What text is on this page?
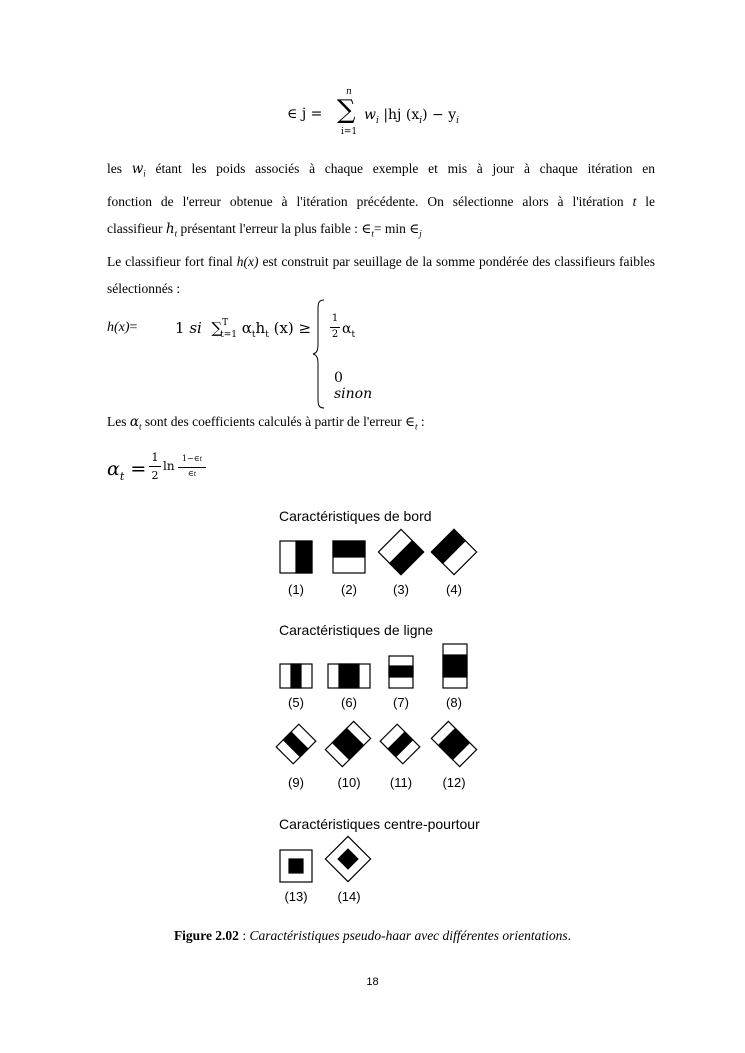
∈ j =
n
∑
i=1
$w_i$ |hj $(x_i) - y_i$
les $w_i$ étant les poids associés à chaque exemple et mis à jour à chaque itération en
fonction de l'erreur obtenue à l'itération précédente. On sélectionne alors à l'itération t le
classifieur $h_t$ présentant l'erreur la plus faible : $\in_t= \min$ $\in_j$
Le classifieur fort final h(x) est construit par seuillage de la somme pondérée des classifieurs faibles sélectionnés :
h(x)=	1 si ∑$^T_{t=1}$ $\alpha_th_t$ (x) ≥
1
2 $\alpha_t$
0 sinon
Les $\alpha_t$ sont des coefficients calculés à partir de l'erreur $\in_t$ :
$\alpha_t$ =
1
2
ln
1−∈t
∈t
Caractéristiques de bord
Caractéristiques de ligne
Caractéristiques centre-pourtour
(1)	(2)	(3)	(4)
(5)	(6)	(7)	(8)
(9)	(10)	(11)	(12)
(13)	(14)
Figure 2.02 : Caractéristiques pseudo-haar avec différentes orientations.
18
